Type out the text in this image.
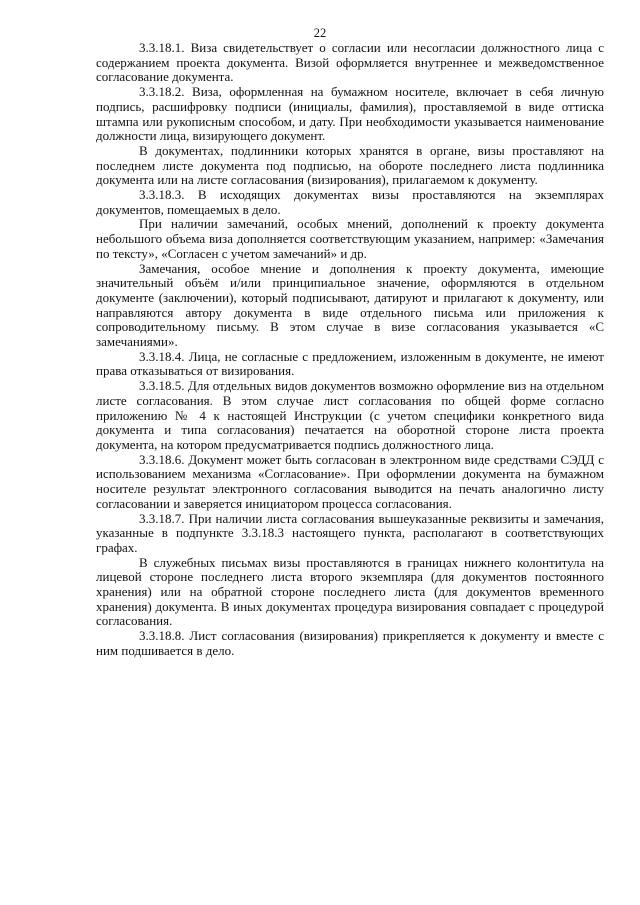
22

3.3.18.1. Виза свидетельствует о согласии или несогласии должностного лица с содержанием проекта документа. Визой оформляется внутреннее и межведомственное согласование документа.

3.3.18.2. Виза, оформленная на бумажном носителе, включает в себя личную подпись, расшифровку подписи (инициалы, фамилия), проставляемой в виде оттиска штампа или рукописным способом, и дату. При необходимости указывается наименование должности лица, визирующего документ.

В документах, подлинники которых хранятся в органе, визы проставляют на последнем листе документа под подписью, на обороте последнего листа подлинника документа или на листе согласования (визирования), прилагаемом к документу.

3.3.18.3. В исходящих документах визы проставляются на экземплярах документов, помещаемых в дело.

При наличии замечаний, особых мнений, дополнений к проекту документа небольшого объема виза дополняется соответствующим указанием, например: «Замечания по тексту», «Согласен с учетом замечаний» и др.

Замечания, особое мнение и дополнения к проекту документа, имеющие значительный объём и/или принципиальное значение, оформляются в отдельном документе (заключении), который подписывают, датируют и прилагают к документу, или направляются автору документа в виде отдельного письма или приложения к сопроводительному письму. В этом случае в визе согласования указывается «С замечаниями».

3.3.18.4. Лица, не согласные с предложением, изложенным в документе, не имеют права отказываться от визирования.

3.3.18.5. Для отдельных видов документов возможно оформление виз на отдельном листе согласования. В этом случае лист согласования по общей форме согласно приложению № 4 к настоящей Инструкции (с учетом специфики конкретного вида документа и типа согласования) печатается на оборотной стороне листа проекта документа, на котором предусматривается подпись должностного лица.

3.3.18.6. Документ может быть согласован в электронном виде средствами СЭДД с использованием механизма «Согласование». При оформлении документа на бумажном носителе результат электронного согласования выводится на печать аналогично листу согласовании и заверяется инициатором процесса согласования.

3.3.18.7. При наличии листа согласования вышеуказанные реквизиты и замечания, указанные в подпункте 3.3.18.3 настоящего пункта, располагают в соответствующих графах.

В служебных письмах визы проставляются в границах нижнего колонтитула на лицевой стороне последнего листа второго экземпляра (для документов постоянного хранения) или на обратной стороне последнего листа (для документов временного хранения) документа. В иных документах процедура визирования совпадает с процедурой согласования.

3.3.18.8. Лист согласования (визирования) прикрепляется к документу и вместе с ним подшивается в дело.
